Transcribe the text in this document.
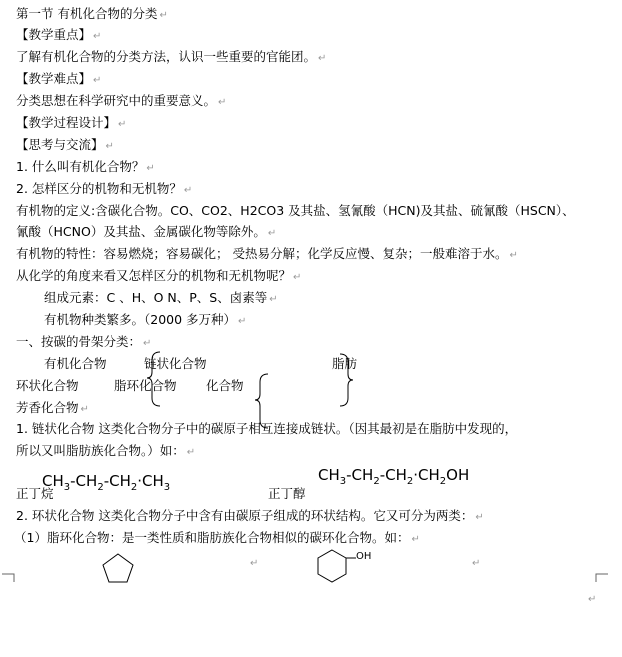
第一节 有机化合物的分类 ↵
【教学重点】 ↵
了解有机化合物的分类方法，认识一些重要的官能团。 ↵
【教学难点】 ↵
分类思想在科学研究中的重要意义。 ↵
【教学过程设计】 ↵
【思考与交流】 ↵
1. 什么叫有机化合物？ ↵
2. 怎样区分的机物和无机物？ ↵
有机物的定义:含碳化合物。CO、CO2、H2CO3 及其盐、氢氰酸（HCN)及其盐、硫氰酸（HSCN）、
氰酸（HCNO）及其盐、金属碳化物等除外。 ↵
有机物的特性：容易燃烧；容易碳化； 受热易分解；化学反应慢、复杂；一般难溶于水。 ↵
从化学的角度来看又怎样区分的机物和无机物呢？ ↵
组成元素：C 、H、O N、P、S、卤素等 ↵
有机物种类繁多。（2000 多万种） ↵
一、按碳的骨架分类： ↵
有机化合物	链状化合物	脂肪
环状化合物	脂环化合物 化合物
芳香化合物 ↵
1. 链状化合物 这类化合物分子中的碳原子相互连接成链状。（因其最初是在脂肪中发现的，
所以又叫脂肪族化合物。）如： ↵
$CH_3-CH_2-CH_2\cdot CH_3$
正丁烷
$CH_3-CH_2-CH_2\cdot CH_2OH$
正丁醇
2. 环状化合物 这类化合物分子中含有由碳原子组成的环状结构。它又可分为两类： ↵
（1）脂环化合物：是一类性质和脂肪族化合物相似的碳环化合物。如： ↵
OH
↵	↵
↵
